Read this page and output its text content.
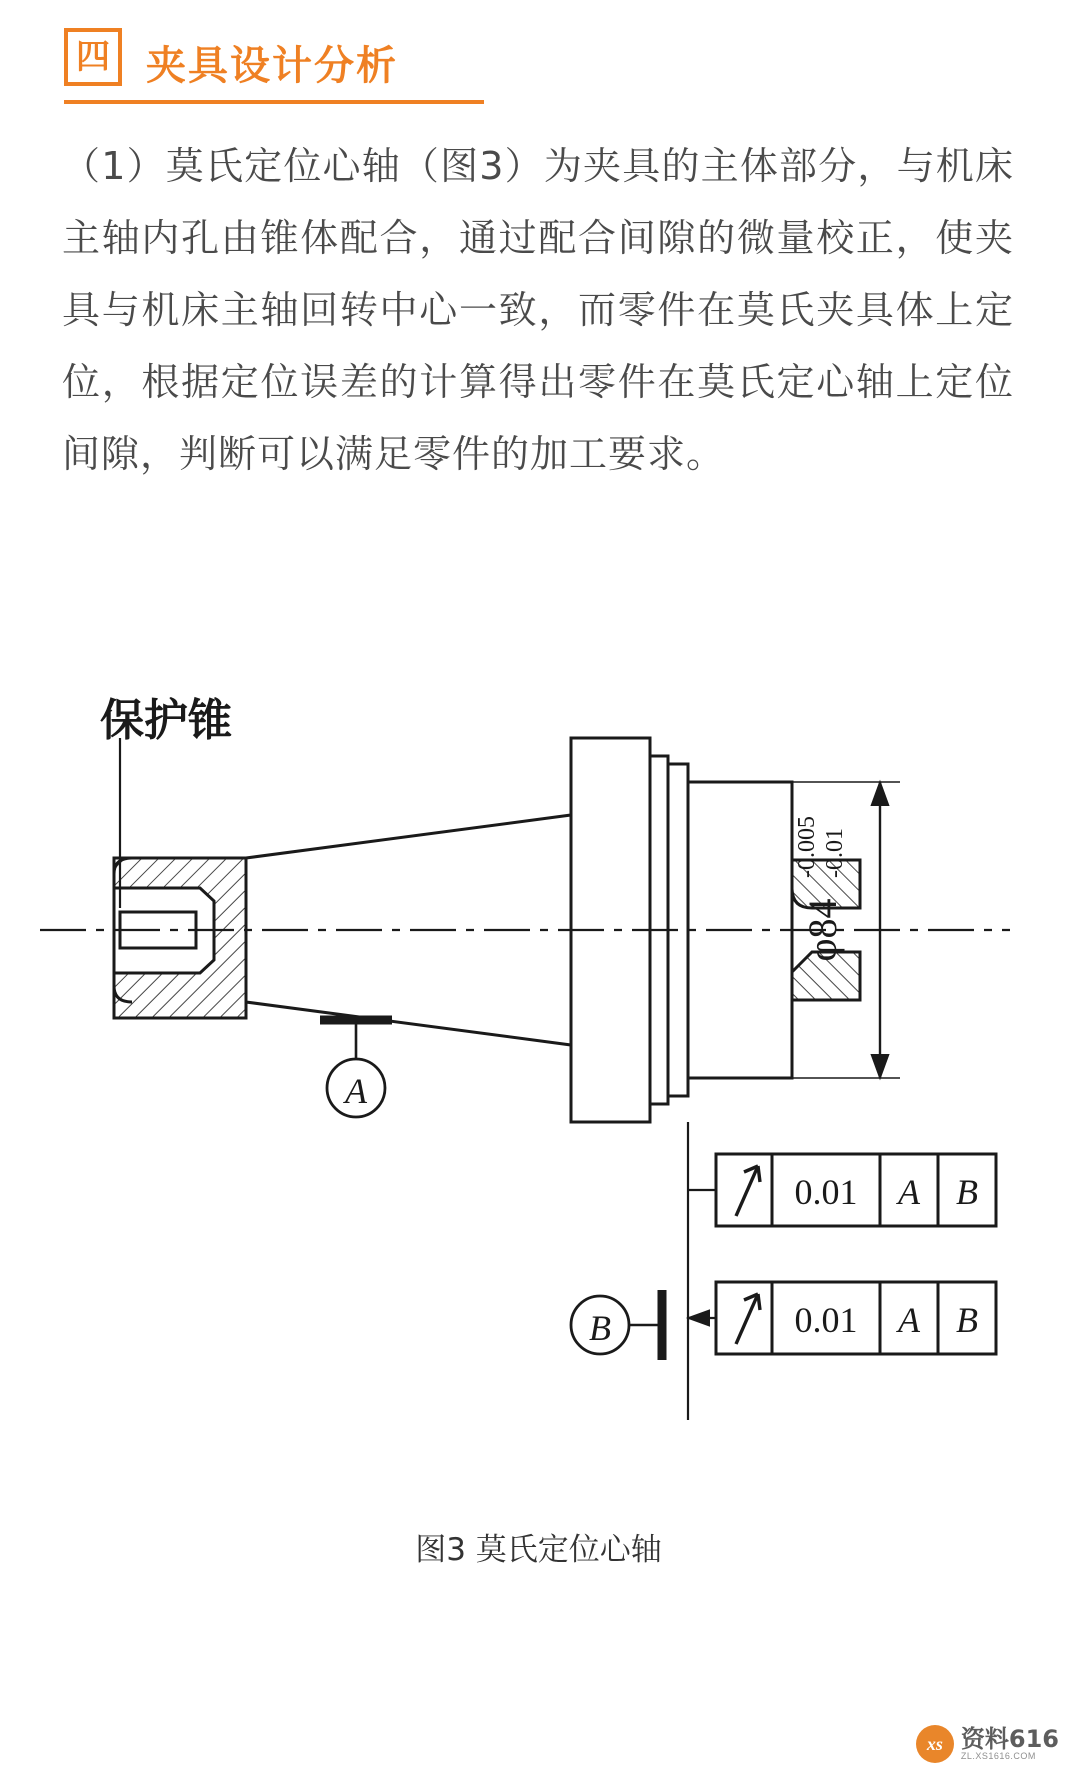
四 夹具设计分析
（1）莫氏定位心轴（图3）为夹具的主体部分，与机床主轴内孔由锥体配合，通过配合间隙的微量校正，使夹具与机床主轴回转中心一致，而零件在莫氏夹具体上定位，根据定位误差的计算得出零件在莫氏定心轴上定位间隙，判断可以满足零件的加工要求。
保护锥
A
B
φ84
-0.005 -0.01
0.01 A B
0.01 A B
图3 莫氏定位心轴
xs 资料616
ZL.XS1616.COM
